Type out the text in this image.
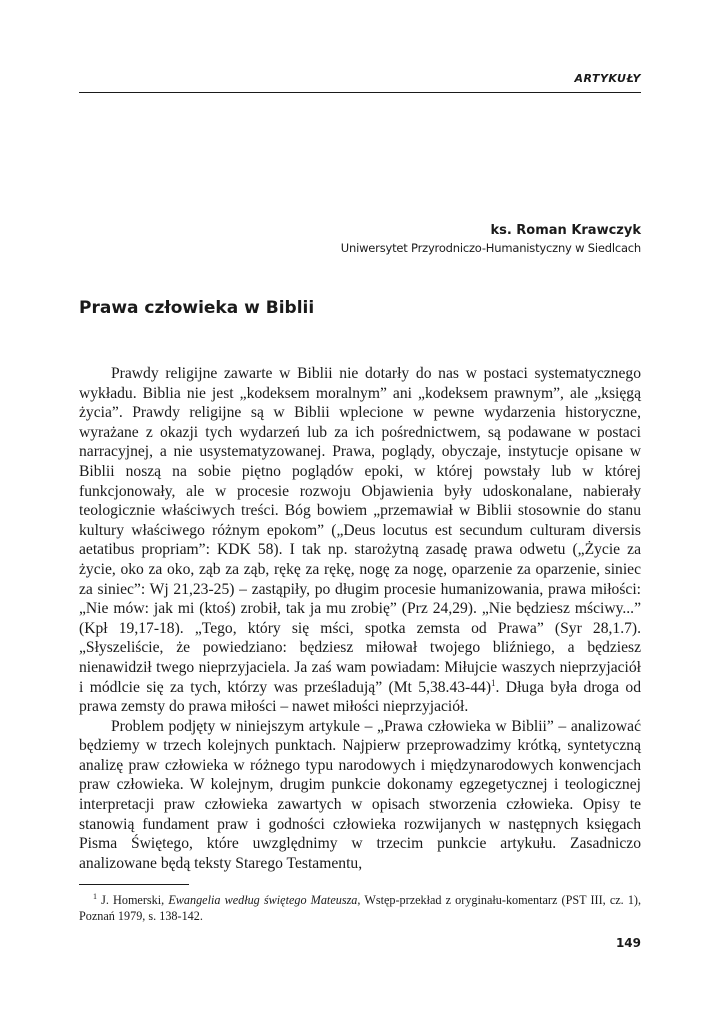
ARTYKUŁY
ks. Roman Krawczyk
Uniwersytet Przyrodniczo-Humanistyczny w Siedlcach
Prawa człowieka w Biblii

Prawdy religijne zawarte w Biblii nie dotarły do nas w postaci systematycznego wykładu. Biblia nie jest „kodeksem moralnym” ani „kodeksem prawnym”, ale „księgą życia”. Prawdy religijne są w Biblii wplecione w pewne wydarzenia historyczne, wyrażane z okazji tych wydarzeń lub za ich pośrednictwem, są podawane w postaci narracyjnej, a nie usystematyzowanej. Prawa, poglądy, obyczaje, instytucje opisane w Biblii noszą na sobie piętno poglądów epoki, w której powstały lub w której funkcjonowały, ale w procesie rozwoju Objawienia były udoskonalane, nabierały teologicznie właściwych treści. Bóg bowiem „przemawiał w Biblii stosownie do stanu kultury właściwego różnym epokom” („Deus locutus est secundum culturam diversis aetatibus propriam”: KDK 58). I tak np. starożytną zasadę prawa odwetu („Życie za życie, oko za oko, ząb za ząb, rękę za rękę, nogę za nogę, oparzenie za oparzenie, siniec za siniec”: Wj 21,23-25) – zastąpiły, po długim procesie humanizowania, prawa miłości: „Nie mów: jak mi (ktoś) zrobił, tak ja mu zrobię” (Prz 24,29). „Nie będziesz mściwy...” (Kpł 19,17-18). „Tego, który się mści, spotka zemsta od Prawa” (Syr 28,1.7). „Słyszeliście, że powiedziano: będziesz miłował twojego bliźniego, a będziesz nienawidził twego nieprzyjaciela. Ja zaś wam powiadam: Miłujcie waszych nieprzyjaciół i módlcie się za tych, którzy was prześladują” (Mt 5,38.43-44)$^1$. Długa była droga od prawa zemsty do prawa miłości – nawet miłości nieprzyjaciół.

Problem podjęty w niniejszym artykule – „Prawa człowieka w Biblii” – analizować będziemy w trzech kolejnych punktach. Najpierw przeprowadzimy krótką, syntetyczną analizę praw człowieka w różnego typu narodowych i międzynarodowych konwencjach praw człowieka. W kolejnym, drugim punkcie dokonamy egzegetycznej i teologicznej interpretacji praw człowieka zawartych w opisach stworzenia człowieka. Opisy te stanowią fundament praw i godności człowieka rozwijanych w następnych księgach Pisma Świętego, które uwzględnimy w trzecim punkcie artykułu. Zasadniczo analizowane będą teksty Starego Testamentu,

$^1$ J. Homerski, Ewangelia według świętego Mateusza, Wstęp-przekład z oryginału-komentarz (PST III, cz. 1), Poznań 1979, s. 138-142.
149
